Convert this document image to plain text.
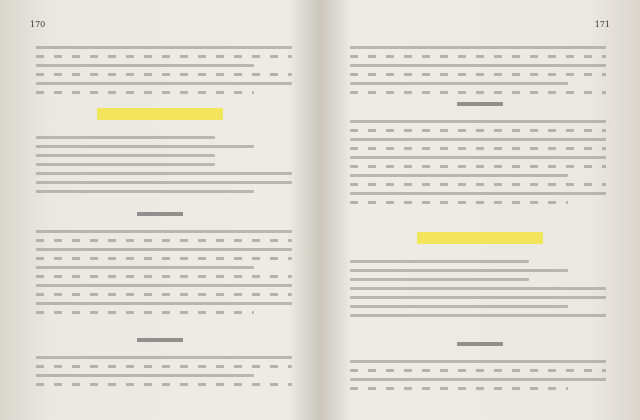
170	171
